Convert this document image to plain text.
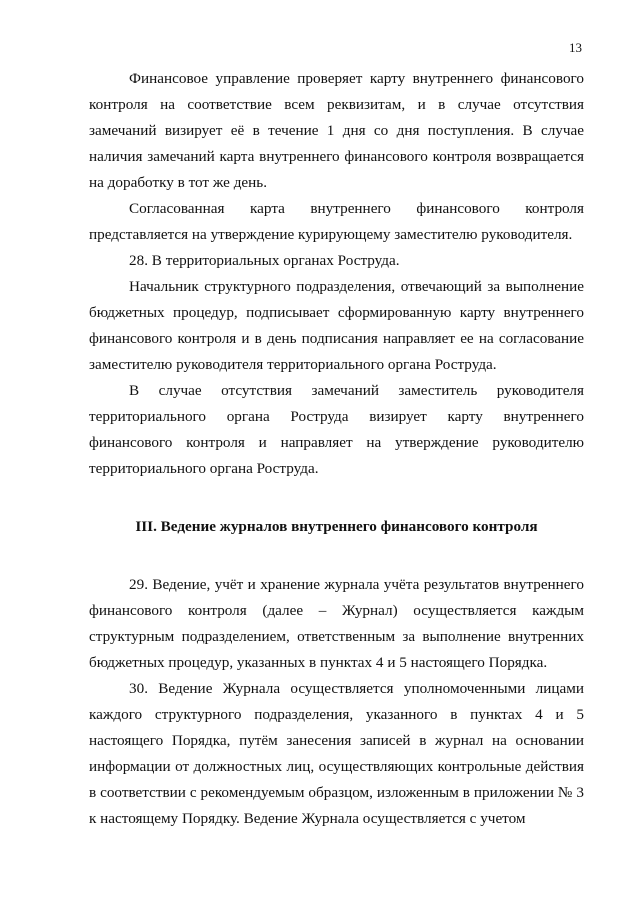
13

Финансовое управление проверяет карту внутреннего финансового контроля на соответствие всем реквизитам, и в случае отсутствия замечаний визирует её в течение 1 дня со дня поступления. В случае наличия замечаний карта внутреннего финансового контроля возвращается на доработку в тот же день.

Согласованная карта внутреннего финансового контроля представляется на утверждение курирующему заместителю руководителя.

28. В территориальных органах Роструда.

Начальник структурного подразделения, отвечающий за выполнение бюджетных процедур, подписывает сформированную карту внутреннего финансового контроля и в день подписания направляет ее на согласование заместителю руководителя территориального органа Роструда.

В случае отсутствия замечаний заместитель руководителя территориального органа Роструда визирует карту внутреннего финансового контроля и направляет на утверждение руководителю территориального органа Роструда.

III. Ведение журналов внутреннего финансового контроля

29. Ведение, учёт и хранение журнала учёта результатов внутреннего финансового контроля (далее – Журнал) осуществляется каждым структурным подразделением, ответственным за выполнение внутренних бюджетных процедур, указанных в пунктах 4 и 5 настоящего Порядка.

30. Ведение Журнала осуществляется уполномоченными лицами каждого структурного подразделения, указанного в пунктах 4 и 5 настоящего Порядка, путём занесения записей в журнал на основании информации от должностных лиц, осуществляющих контрольные действия в соответствии с рекомендуемым образцом, изложенным в приложении № 3 к настоящему Порядку. Ведение Журнала осуществляется с учетом
